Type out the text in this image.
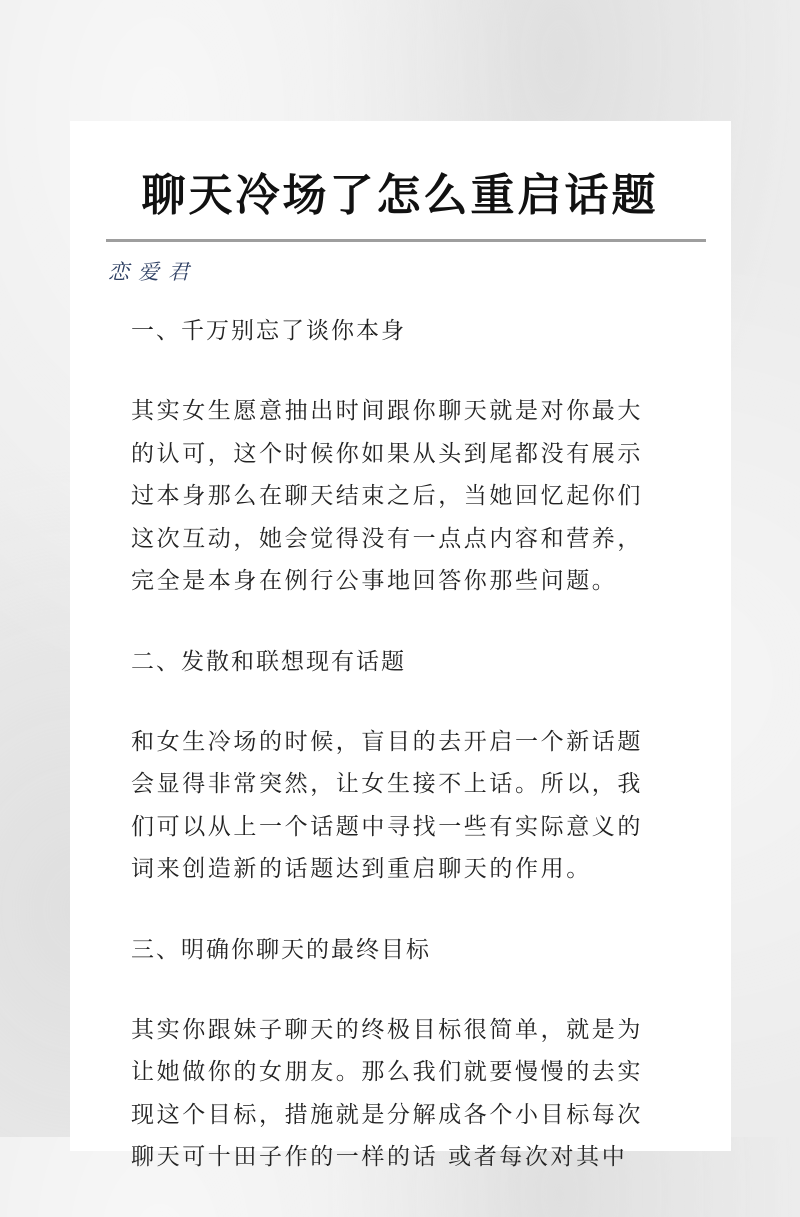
聊天冷场了怎么重启话题
恋爱君

一、千万别忘了谈你本身

其实女生愿意抽出时间跟你聊天就是对你最大
的认可，这个时候你如果从头到尾都没有展示
过本身那么在聊天结束之后，当她回忆起你们
这次互动，她会觉得没有一点点内容和营养，
完全是本身在例行公事地回答你那些问题。

二、发散和联想现有话题

和女生冷场的时候，盲目的去开启一个新话题
会显得非常突然，让女生接不上话。所以，我
们可以从上一个话题中寻找一些有实际意义的
词来创造新的话题达到重启聊天的作用。

三、明确你聊天的最终目标

其实你跟妹子聊天的终极目标很简单，就是为
让她做你的女朋友。那么我们就要慢慢的去实
现这个目标，措施就是分解成各个小目标每次
聊天可十田子作的一样的话 或者每次对其中
